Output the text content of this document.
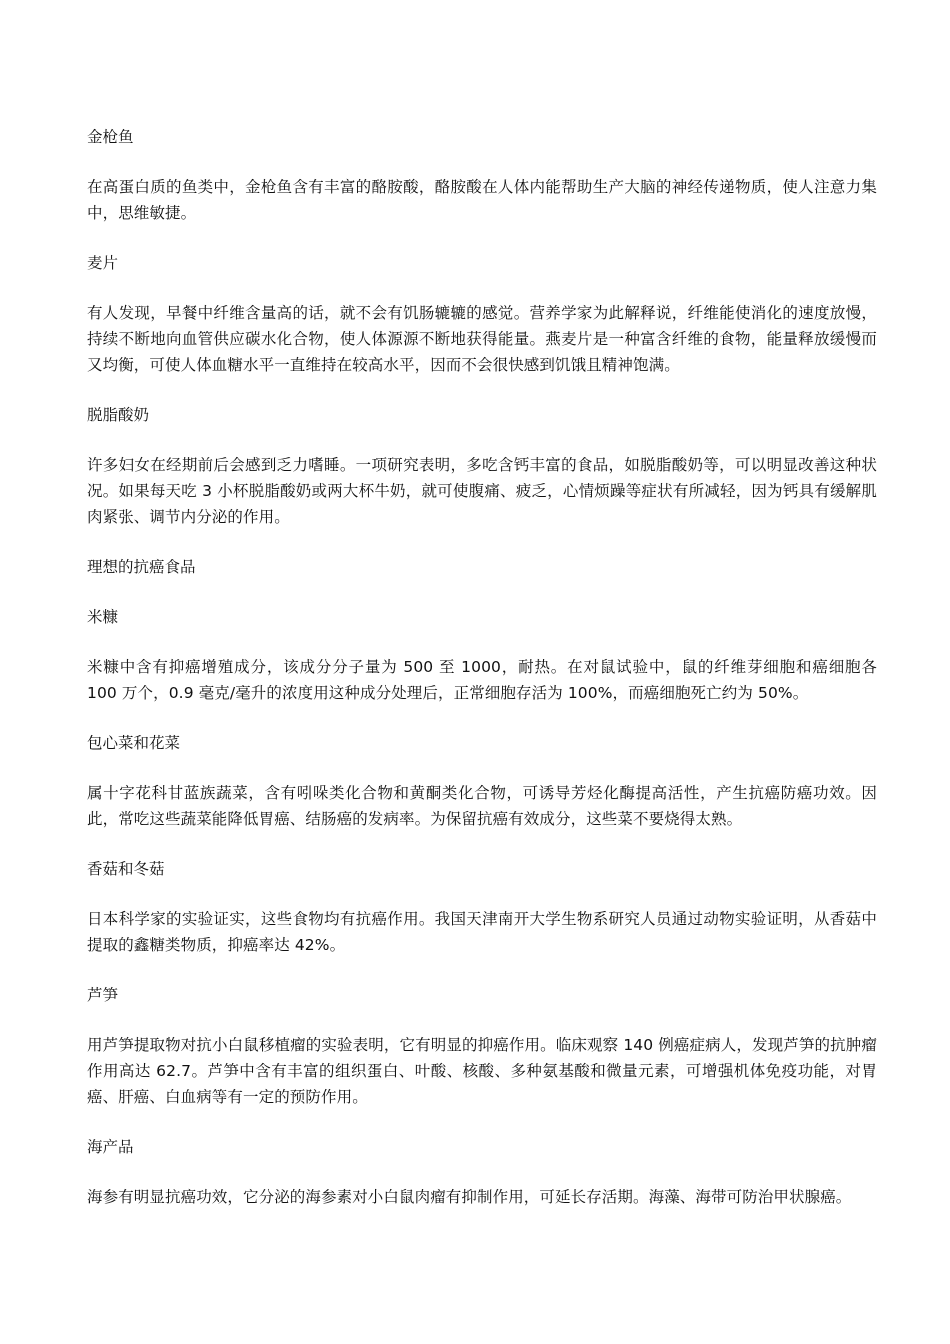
金枪鱼
在高蛋白质的鱼类中，金枪鱼含有丰富的酪胺酸，酪胺酸在人体内能帮助生产大脑的神经传递物质，使人注意力集中，思维敏捷。
麦片
有人发现，早餐中纤维含量高的话，就不会有饥肠辘辘的感觉。营养学家为此解释说，纤维能使消化的速度放慢，持续不断地向血管供应碳水化合物，使人体源源不断地获得能量。燕麦片是一种富含纤维的食物，能量释放缓慢而又均衡，可使人体血糖水平一直维持在较高水平，因而不会很快感到饥饿且精神饱满。
脱脂酸奶
许多妇女在经期前后会感到乏力嗜睡。一项研究表明，多吃含钙丰富的食品，如脱脂酸奶等，可以明显改善这种状况。如果每天吃 3 小杯脱脂酸奶或两大杯牛奶，就可使腹痛、疲乏，心情烦躁等症状有所减轻，因为钙具有缓解肌肉紧张、调节内分泌的作用。
理想的抗癌食品
米糠
米糠中含有抑癌增殖成分，该成分分子量为 500 至 1000，耐热。在对鼠试验中，鼠的纤维芽细胞和癌细胞各 100 万个，0.9 毫克/毫升的浓度用这种成分处理后，正常细胞存活为 100%，而癌细胞死亡约为 50%。
包心菜和花菜
属十字花科甘蓝族蔬菜，含有吲哚类化合物和黄酮类化合物，可诱导芳烃化酶提高活性，产生抗癌防癌功效。因此，常吃这些蔬菜能降低胃癌、结肠癌的发病率。为保留抗癌有效成分，这些菜不要烧得太熟。
香菇和冬菇
日本科学家的实验证实，这些食物均有抗癌作用。我国天津南开大学生物系研究人员通过动物实验证明，从香菇中提取的鑫糖类物质，抑癌率达 42%。
芦笋
用芦笋提取物对抗小白鼠移植瘤的实验表明，它有明显的抑癌作用。临床观察 140 例癌症病人，发现芦笋的抗肿瘤作用高达 62.7。芦笋中含有丰富的组织蛋白、叶酸、核酸、多种氨基酸和微量元素，可增强机体免疫功能，对胃癌、肝癌、白血病等有一定的预防作用。
海产品
海参有明显抗癌功效，它分泌的海参素对小白鼠肉瘤有抑制作用，可延长存活期。海藻、海带可防治甲状腺癌。
